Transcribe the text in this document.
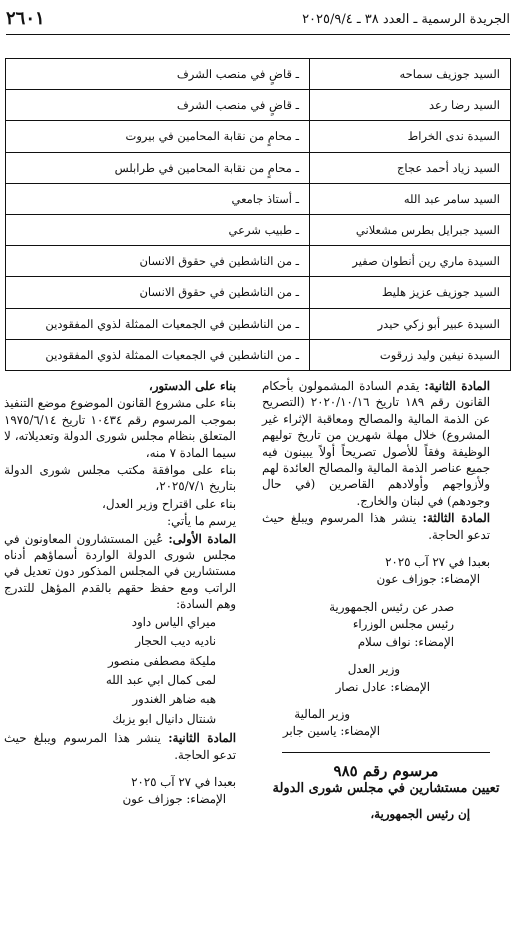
الجريدة الرسمية ـ العدد ٣٨ ـ ٢٠٢٥/٩/٤
٢٦٠١
السيد جوزيف سماحه	ـ قاضٍ في منصب الشرف
السيد رضا رعد	ـ قاضٍ في منصب الشرف
السيدة ندى الخراط	ـ محامٍ من نقابة المحامين في بيروت
السيد زياد أحمد عجاج	ـ محامٍ من نقابة المحامين في طرابلس
السيد سامر عبد الله	ـ أستاذ جامعي
السيد جبرايل بطرس مشعلاني	ـ طبيب شرعي
السيدة ماري رين أنطوان صفير	ـ من الناشطين في حقوق الانسان
السيد جوزيف عزيز هليط	ـ من الناشطين في حقوق الانسان
السيدة عبير أبو زكي حيدر	ـ من الناشطين في الجمعيات الممثلة لذوي المفقودين
السيدة نيفين وليد زرقوت	ـ من الناشطين في الجمعيات الممثلة لذوي المفقودين

المادة الثانية: يقدم السادة المشمولون بأحكام القانون رقم ١٨٩ تاريخ ٢٠٢٠/١٠/١٦ (التصريح عن الذمة المالية والمصالح ومعاقبة الإثراء غير المشروع) خلال مهلة شهرين من تاريخ توليهم الوظيفة وفقاً للأصول تصريحاً أولاً يبينون فيه جميع عناصر الذمة المالية والمصالح العائدة لهم ولأزواجهم وأولادهم القاصرين (في حال وجودهم) في لبنان والخارج.

المادة الثالثة: ينشر هذا المرسوم ويبلغ حيث تدعو الحاجة.

بعبدا في ٢٧ آب ٢٠٢٥

الإمضاء: جوزاف عون

صدر عن رئيس الجمهورية

رئيس مجلس الوزراء

الإمضاء: نواف سلام

وزير العدل

الإمضاء: عادل نصار

وزير المالية

الإمضاء: ياسين جابر

مرسوم رقم ٩٨٥

تعيين مستشارين في مجلس شورى الدولة

إن رئيس الجمهورية،

بناء على الدستور،

بناء على مشروع القانون الموضوع موضع التنفيذ بموجب المرسوم رقم ١٠٤٣٤ تاريخ ١٩٧٥/٦/١٤ المتعلق بنظام مجلس شورى الدولة وتعديلاته، لا سيما المادة ٧ منه،

بناء على موافقة مكتب مجلس شورى الدولة بتاريخ ٢٠٢٥/٧/١،

بناء على اقتراح وزير العدل،

يرسم ما يأتي:

المادة الأولى: عُين المستشارون المعاونون في مجلس شورى الدولة الواردة أسماؤهم أدناه مستشارين في المجلس المذكور دون تعديل في الراتب ومع حفظ حقهم بالقدم المؤهل للتدرج وهم السادة:

ميراي الياس داود

ناديه ديب الحجار

مليكة مصطفى منصور

لمى كمال ابي عبد الله

هبه ضاهر الغندور

شنتال دانيال ابو يزبك

المادة الثانية: ينشر هذا المرسوم ويبلغ حيث تدعو الحاجة.

بعبدا في ٢٧ آب ٢٠٢٥

الإمضاء: جوزاف عون
